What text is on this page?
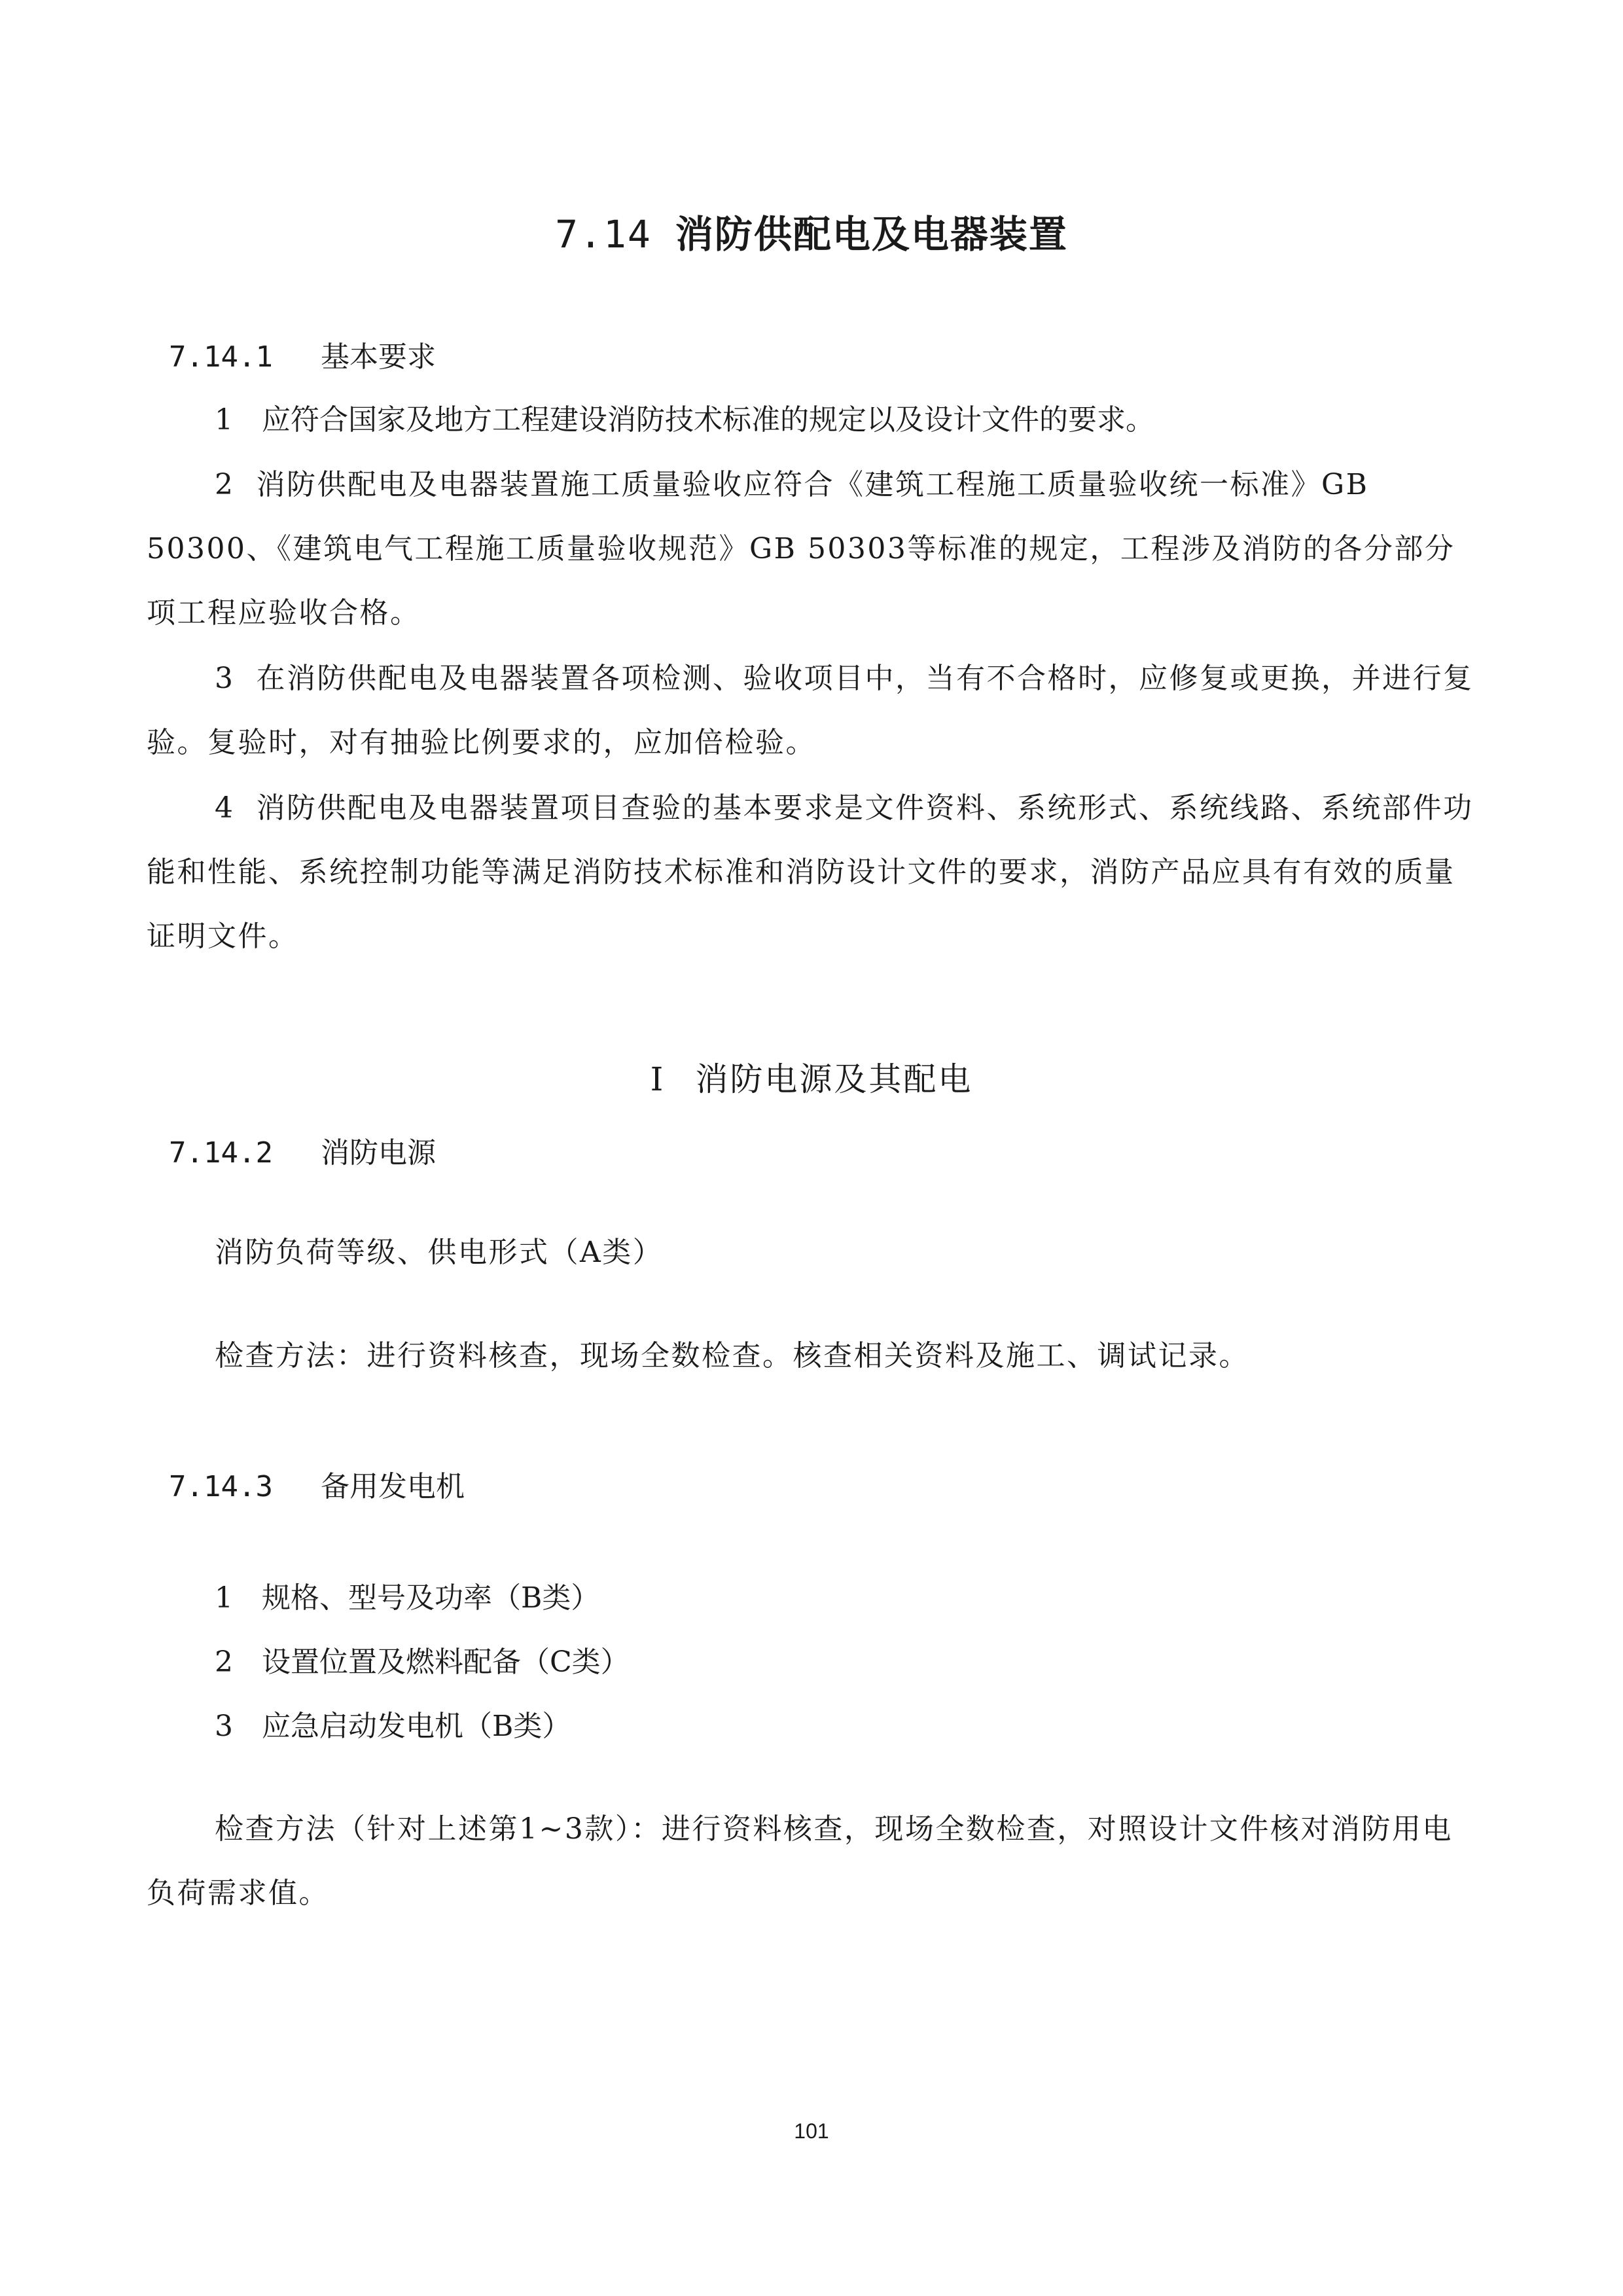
7.14 消防供配电及电器装置
7.14.1 基本要求
1 应符合国家及地方工程建设消防技术标准的规定以及设计文件的要求。
2 消防供配电及电器装置施工质量验收应符合《建筑工程施工质量验收统一标准》GB 50300、《建筑电气工程施工质量验收规范》GB 50303等标准的规定，工程涉及消防的各分部分项工程应验收合格。
3 在消防供配电及电器装置各项检测、验收项目中，当有不合格时，应修复或更换，并进行复验。复验时，对有抽验比例要求的，应加倍检验。
4 消防供配电及电器装置项目查验的基本要求是文件资料、系统形式、系统线路、系统部件功能和性能、系统控制功能等满足消防技术标准和消防设计文件的要求，消防产品应具有有效的质量证明文件。
I 消防电源及其配电
7.14.2 消防电源
消防负荷等级、供电形式（A类）
检查方法：进行资料核查，现场全数检查。核查相关资料及施工、调试记录。
7.14.3 备用发电机
1 规格、型号及功率（B类）
2 设置位置及燃料配备（C类）
3 应急启动发电机（B类）
检查方法（针对上述第1~3款）：进行资料核查，现场全数检查，对照设计文件核对消防用电负荷需求值。
101
